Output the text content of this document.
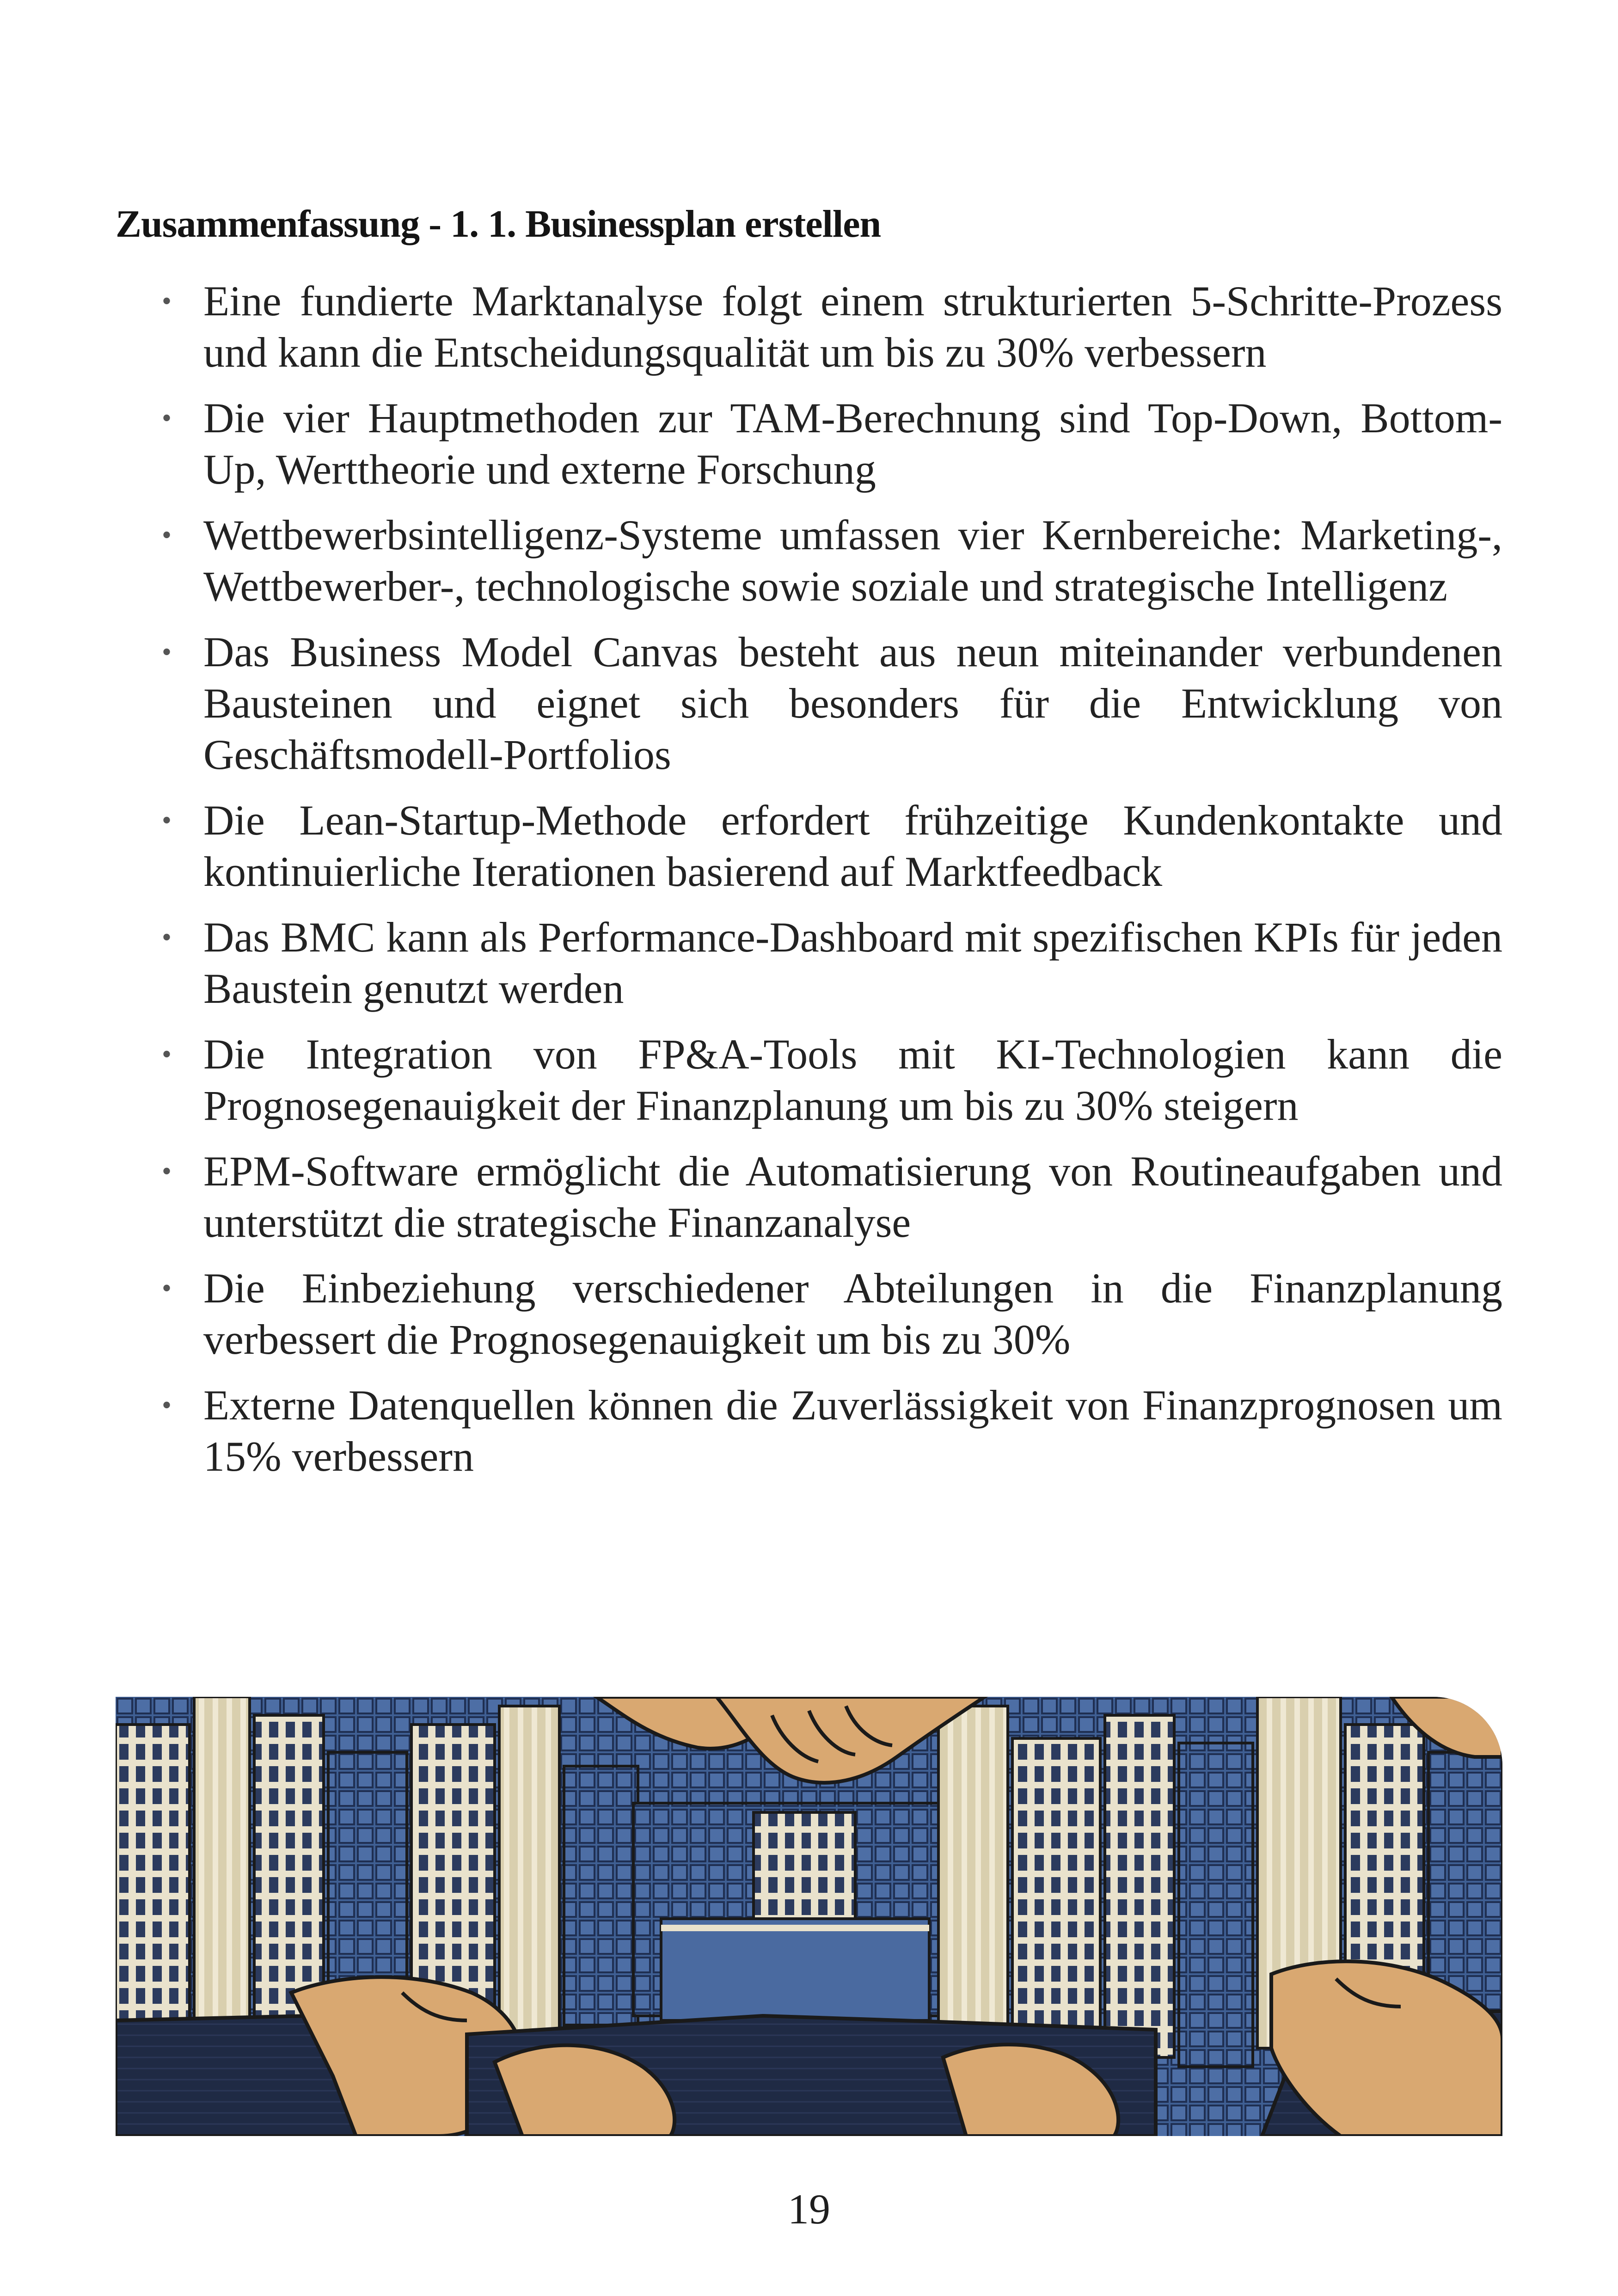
Zusammenfassung - 1. 1. Businessplan erstellen
• Eine fundierte Marktanalyse folgt einem strukturierten 5-Schritte-Prozess und kann die Entscheidungsqualität um bis zu 30% verbessern
• Die vier Hauptmethoden zur TAM-Berechnung sind Top-Down, Bottom-Up, Werttheorie und externe Forschung
• Wettbewerbsintelligenz-Systeme umfassen vier Kernbereiche: Marketing-, Wettbewerber-, technologische sowie soziale und strategische Intelligenz
• Das Business Model Canvas besteht aus neun miteinander verbundenen Bausteinen und eignet sich besonders für die Entwicklung von Geschäftsmodell-Portfolios
• Die Lean-Startup-Methode erfordert frühzeitige Kundenkontakte und kontinuierliche Iterationen basierend auf Marktfeedback
• Das BMC kann als Performance-Dashboard mit spezifischen KPIs für jeden Baustein genutzt werden
• Die Integration von FP&A-Tools mit KI-Technologien kann die Prognosegenauigkeit der Finanzplanung um bis zu 30% steigern
• EPM-Software ermöglicht die Automatisierung von Routineaufgaben und unterstützt die strategische Finanzanalyse
• Die Einbeziehung verschiedener Abteilungen in die Finanzplanung verbessert die Prognosegenauigkeit um bis zu 30%
• Externe Datenquellen können die Zuverlässigkeit von Finanzprognosen um 15% verbessern
19
